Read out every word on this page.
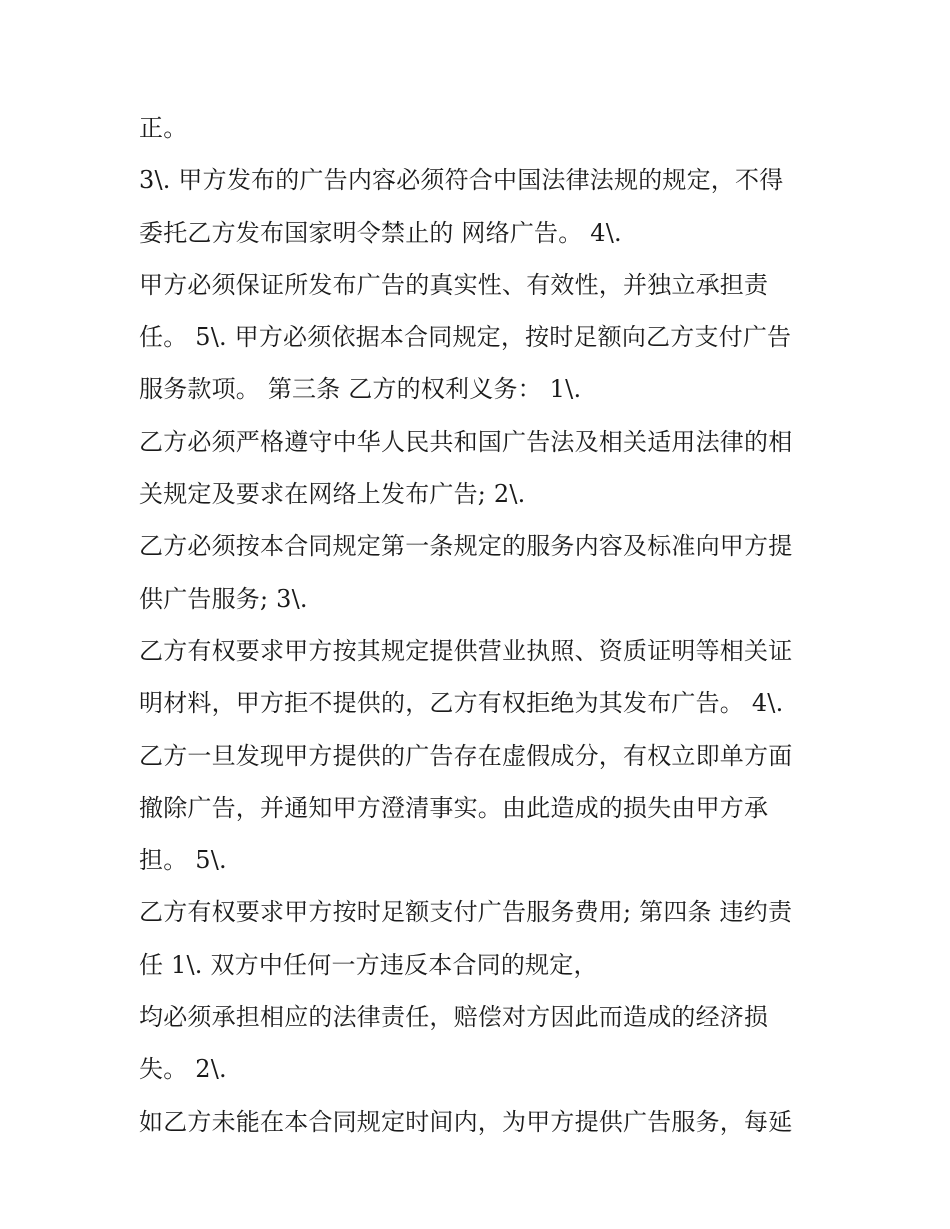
正。
3\. 甲方发布的广告内容必须符合中国法律法规的规定，不得
委托乙方发布国家明令禁止的 网络广告。 4\.
甲方必须保证所发布广告的真实性、有效性，并独立承担责
任。 5\. 甲方必须依据本合同规定，按时足额向乙方支付广告
服务款项。 第三条 乙方的权利义务： 1\.
乙方必须严格遵守中华人民共和国广告法及相关适用法律的相
关规定及要求在网络上发布广告; 2\.
乙方必须按本合同规定第一条规定的服务内容及标准向甲方提
供广告服务; 3\.
乙方有权要求甲方按其规定提供营业执照、资质证明等相关证
明材料，甲方拒不提供的，乙方有权拒绝为其发布广告。 4\.
乙方一旦发现甲方提供的广告存在虚假成分，有权立即单方面
撤除广告，并通知甲方澄清事实。由此造成的损失由甲方承
担。 5\.
乙方有权要求甲方按时足额支付广告服务费用; 第四条 违约责
任 1\. 双方中任何一方违反本合同的规定，
均必须承担相应的法律责任，赔偿对方因此而造成的经济损
失。 2\.
如乙方未能在本合同规定时间内，为甲方提供广告服务，每延
